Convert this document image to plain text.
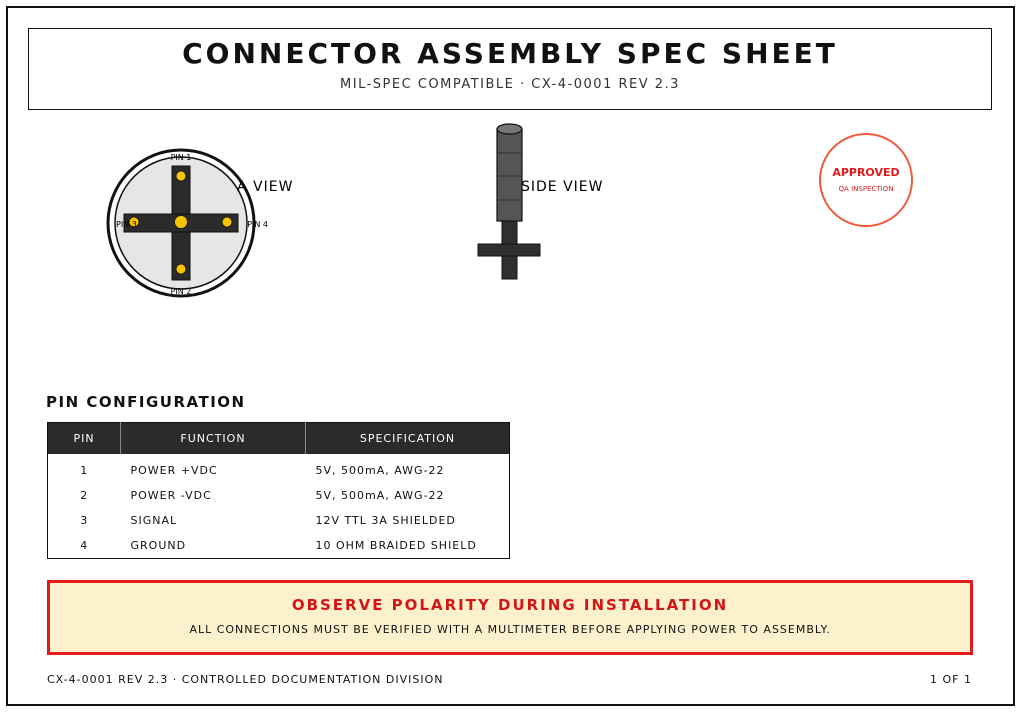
CONNECTOR ASSEMBLY SPEC SHEET
MIL-SPEC COMPATIBLE · CX-4-0001 REV 2.3
PIN 1
PIN 2
PIN 3	PIN 4
A VIEW	SIDE VIEW
APPROVED
QA INSPECTION
PIN CONFIGURATION
PIN	FUNCTION	SPECIFICATION
1	POWER +VDC	5V, 500mA, AWG-22
2	POWER -VDC	5V, 500mA, AWG-22
3	SIGNAL	12V TTL 3A SHIELDED
4	GROUND	10 OHM BRAIDED SHIELD
OBSERVE POLARITY DURING INSTALLATION
ALL CONNECTIONS MUST BE VERIFIED WITH A MULTIMETER BEFORE APPLYING POWER TO ASSEMBLY.
CX-4-0001 REV 2.3 · CONTROLLED DOCUMENTATION DIVISION	1 OF 1
